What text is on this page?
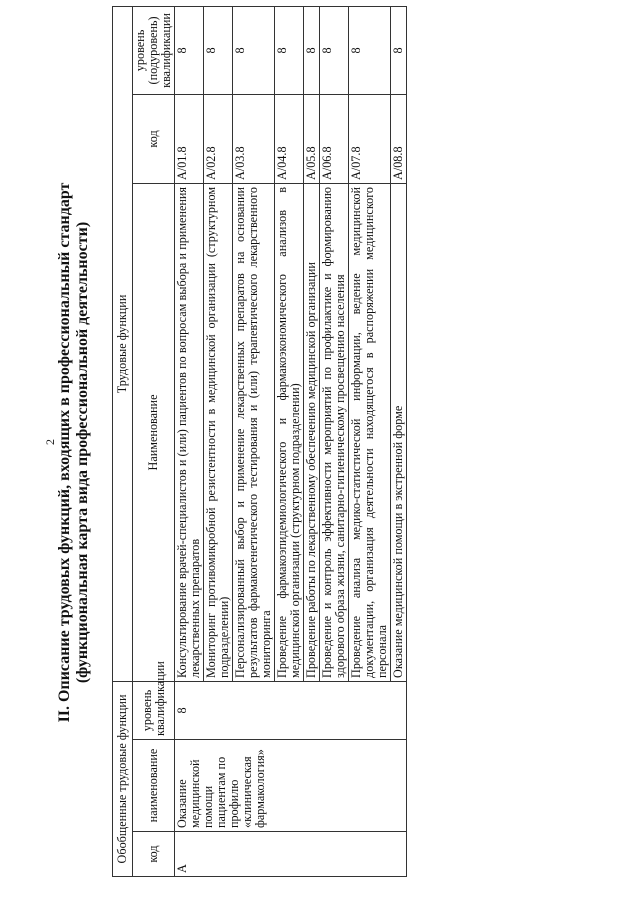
2 II. Описание трудовых функций, входящих в профессиональный стандарт (функциональная карта вида профессиональной деятельности)
Обобщенные трудовые функции			Трудовые функции		
код	наименование	уровень квалификации	Наименование	код	уровень (подуровень) квалификации
A	Оказание медицинской помощи пациентам по профилю «клиническая фармакология»	8	Консультирование врачей-специалистов и (или) пациентов по вопросам выбора и применения лекарственных препаратов	A/01.8	8
			Мониторинг противомикробной резистентности в медицинской организации (структурном подразделении)	A/02.8	8
			Персонализированный выбор и применение лекарственных препаратов на основании результатов фармакогенетического тестирования и (или) терапевтического лекарственного мониторинга	A/03.8	8
			Проведение фармакоэпидемиологического и фармакоэкономического анализов в медицинской организации (структурном подразделении)	A/04.8	8
			Проведение работы по лекарственному обеспечению медицинской организации	A/05.8	8
			Проведение и контроль эффективности мероприятий по профилактике и формированию здорового образа жизни, санитарно-гигиеническому просвещению населения	A/06.8	8
			Проведение анализа медико-статистической информации, ведение медицинской документации, организация деятельности находящегося в распоряжении медицинского персонала	A/07.8	8
			Оказание медицинской помощи в экстренной форме	A/08.8	8
